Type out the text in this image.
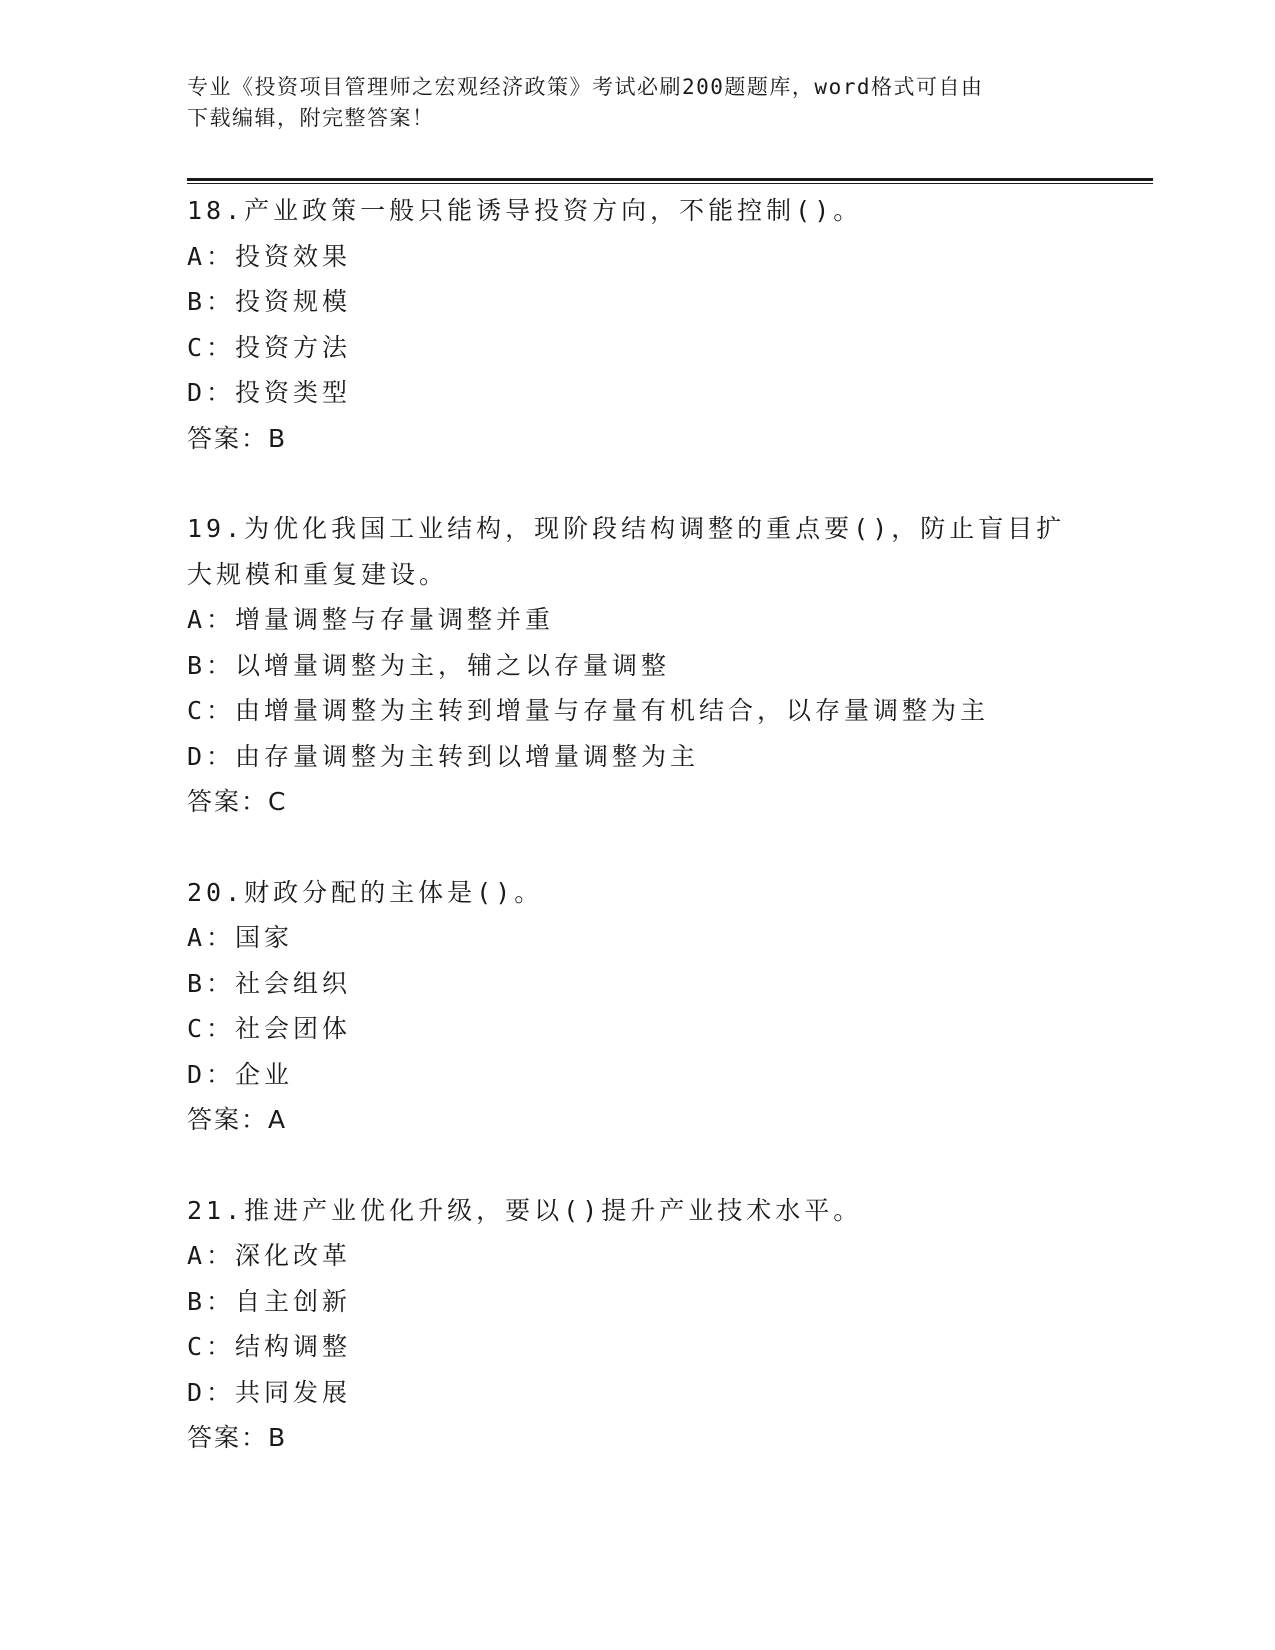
专业《投资项目管理师之宏观经济政策》考试必刷200题题库，word格式可自由
下载编辑，附完整答案！
18.产业政策一般只能诱导投资方向，不能控制()。
A：投资效果
B：投资规模
C：投资方法
D：投资类型
答案：B
19.为优化我国工业结构，现阶段结构调整的重点要()，防止盲目扩大规模和重复建设。
A：增量调整与存量调整并重
B：以增量调整为主，辅之以存量调整
C：由增量调整为主转到增量与存量有机结合，以存量调整为主
D：由存量调整为主转到以增量调整为主
答案：C
20.财政分配的主体是()。
A：国家
B：社会组织
C：社会团体
D：企业
答案：A
21.推进产业优化升级，要以()提升产业技术水平。
A：深化改革
B：自主创新
C：结构调整
D：共同发展
答案：B
